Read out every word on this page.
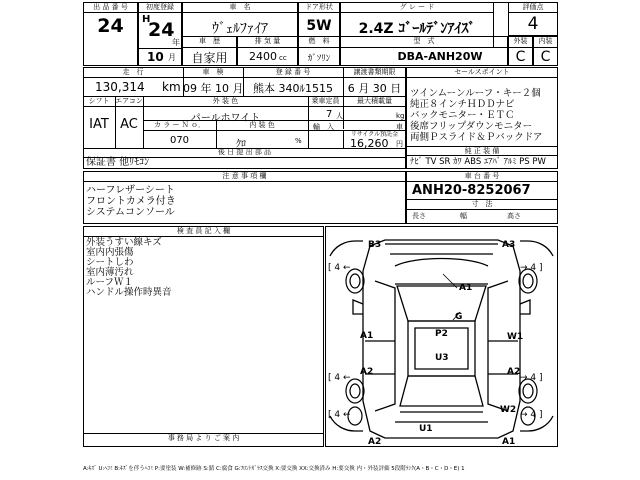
出 品 番 号
24
初度登録
H
24
年
10 月
車　名
ｳﾞｪﾙﾌｧｲｱ
ドア形状
5W
グ レ ー ド
2.4Z ｺﾞｰﾙﾃﾞﾝｱｲｽﾞ
評価点
4
外装	内装
C	C
車　歴
自家用
排 気 量
2400 cc
燃　料
ｶﾞｿﾘﾝ
型　式
DBA-ANH20W
走　行
130,314 km
車　検
09 年 10 月
登 録 番 号
熊本 340ﾙ1515
譲渡書類期限
6 月 30 日
シフト エアコン
IAT AC
外 装 色
パールホワイト
乗車定員
7 人
最大積載量
kg
カ ラ ー Ｎ ｏ．	内 装 色
070	ｸﾛ	%
輸　入	車
リサイクル預託金
16,260 円
後 日 提 出 部 品
保証書 他ﾘﾓｺﾝ
セールスポイント
ツインムーンルーフ・キー２個
純正８インチＨＤＤナビ
バックモニター・ＥＴＣ
後席フリップダウンモニター
両側Ｐスライド＆Ｐバックドア
純 正 装 備
ﾅﾋﾞ TV SR ｶﾜ ABS ｴｱﾊﾞ ｱﾙﾐ PS PW
注 意 事 項 欄
ハーフレザーシート
フロントカメラ付き
システムコンソール
車 台 番 号
ANH20-8252067
寸　法
長さ	幅	高さ
検 査 員 記 入 欄
外装うすい線キズ
室内内張傷
シートしわ
室内薄汚れ
ルーフＷ１
ハンドル操作時異音
事 務 局 よ り ご 案 内
B3	A3
A1
G
P2
A1
U3
W1
A2	A2
W2
U1
A2	A1
[ 4 ←	→ 4 ]
[ 4 ←	→ 4 ]
[ 4 ←	→ 4 ]
A:ｷｽﾞ U:ﾍｺﾐ B:ｷｽﾞを伴うﾍｺﾐ P:要塗装 W:補修跡 S:錆 C:腐食 G:ﾌﾛﾝﾄｶﾞﾗｽ交換 X:要交換 XX:交換済み H:要交換 内・外装評価 5段階ﾗﾝｸ(A・B・C・D・E) 1
